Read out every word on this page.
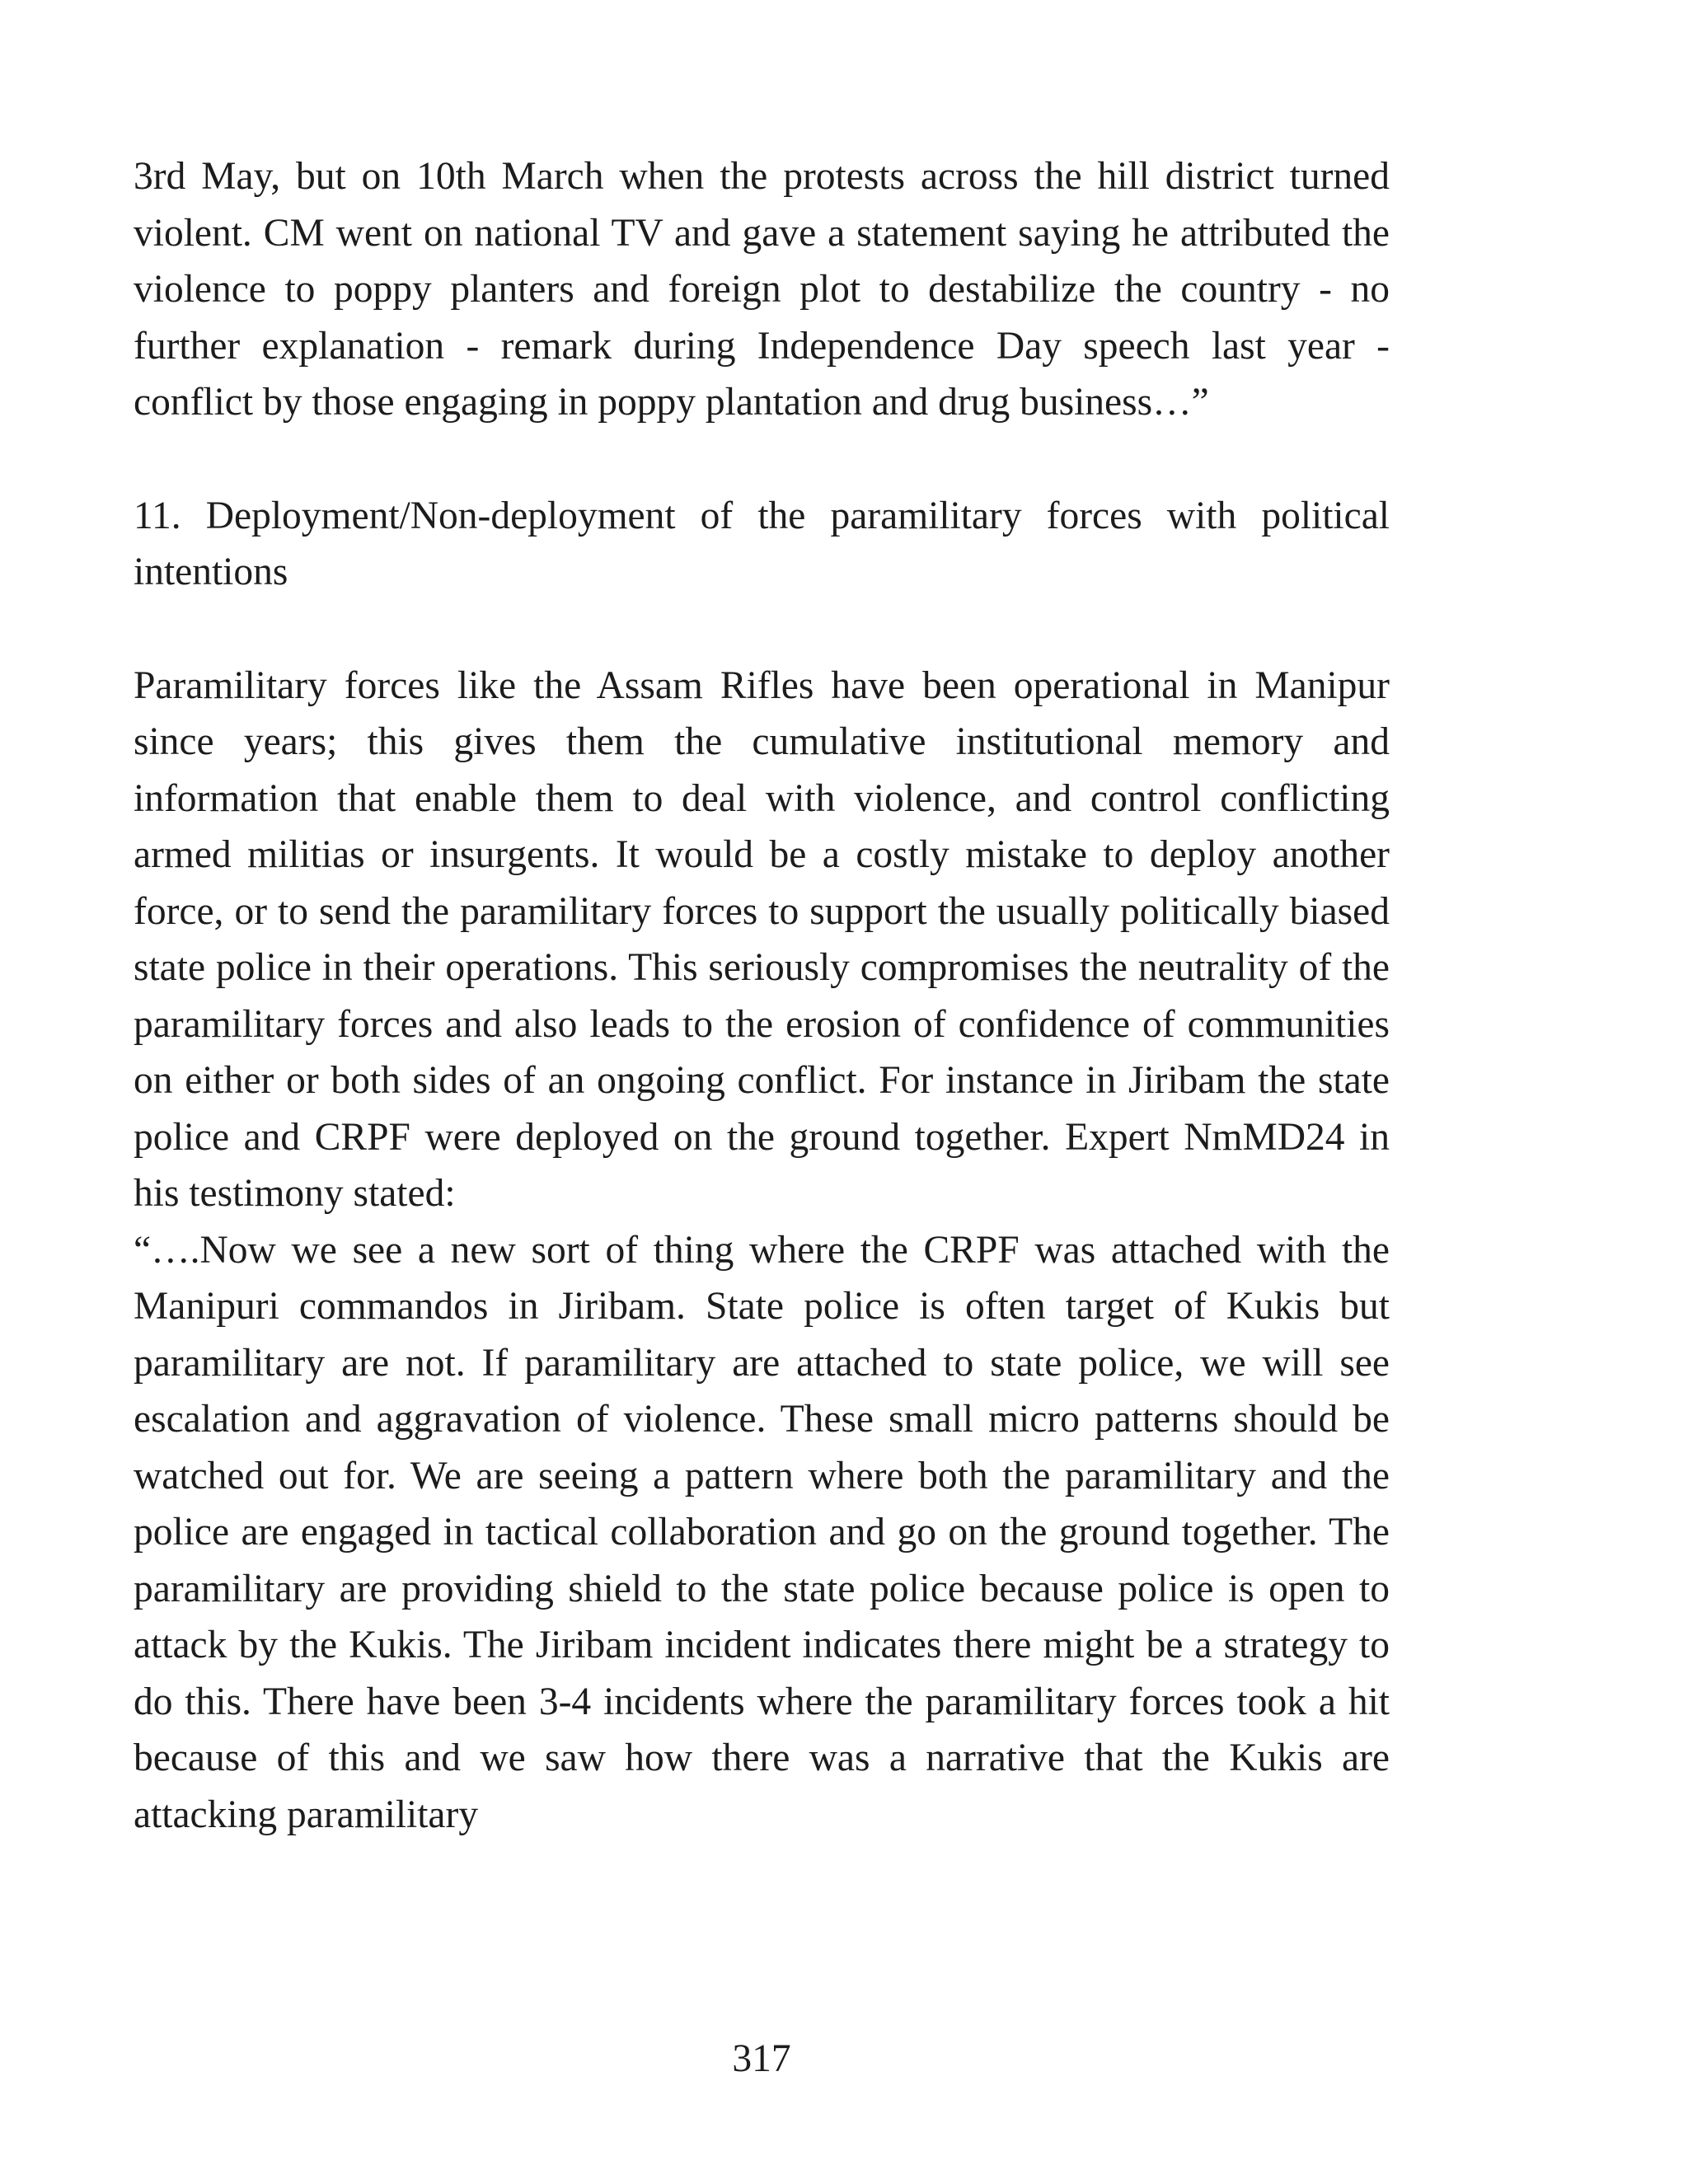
3rd May, but on 10th March when the protests across the hill district turned violent. CM went on national TV and gave a statement saying he attributed the violence to poppy planters and foreign plot to destabilize the country - no further explanation - remark during Independence Day speech last year - conflict by those engaging in poppy plantation and drug business…”

11. Deployment/Non-deployment of the paramilitary forces with political intentions

Paramilitary forces like the Assam Rifles have been operational in Manipur since years; this gives them the cumulative institutional memory and information that enable them to deal with violence, and control conflicting armed militias or insurgents. It would be a costly mistake to deploy another force, or to send the paramilitary forces to support the usually politically biased state police in their operations. This seriously compromises the neutrality of the paramilitary forces and also leads to the erosion of confidence of communities on either or both sides of an ongoing conflict. For instance in Jiribam the state police and CRPF were deployed on the ground together. Expert NmMD24 in his testimony stated:

“….Now we see a new sort of thing where the CRPF was attached with the Manipuri commandos in Jiribam. State police is often target of Kukis but paramilitary are not. If paramilitary are attached to state police, we will see escalation and aggravation of violence. These small micro patterns should be watched out for. We are seeing a pattern where both the paramilitary and the police are engaged in tactical collaboration and go on the ground together. The paramilitary are providing shield to the state police because police is open to attack by the Kukis. The Jiribam incident indicates there might be a strategy to do this. There have been 3-4 incidents where the paramilitary forces took a hit because of this and we saw how there was a narrative that the Kukis are attacking paramilitary

317
